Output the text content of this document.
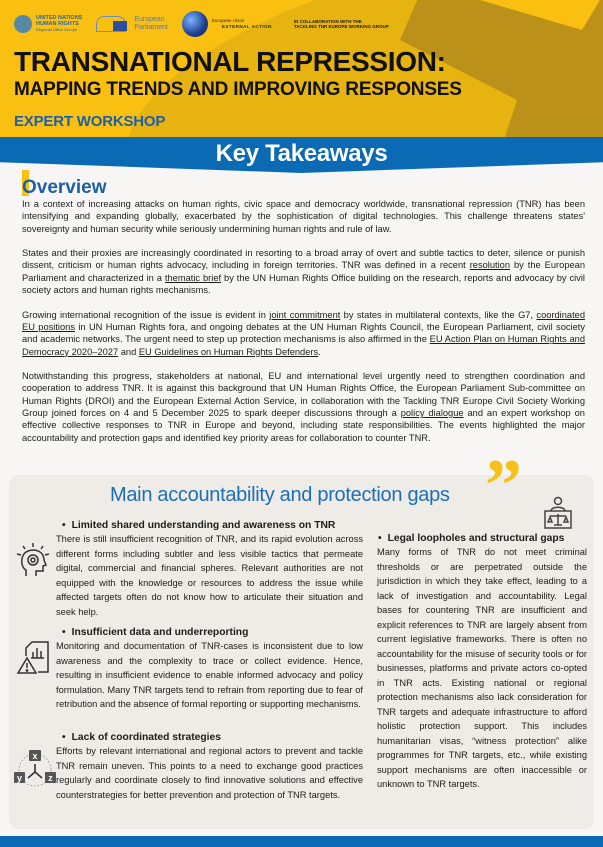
UNITED NATIONS
HUMAN RIGHTS
Regional Office Europe
European
Parliament
European Union
EXTERNAL ACTION
IN COLLABORATION WITH THE
TACKLING TNR EUROPE WORKING GROUP
TRANSNATIONAL REPRESSION:
MAPPING TRENDS AND IMPROVING RESPONSES
EXPERT WORKSHOP
Key Takeaways
Overview

In a context of increasing attacks on human rights, civic space and democracy worldwide, transnational repression (TNR) has been intensifying and expanding globally, exacerbated by the sophistication of digital technologies. This challenge threatens states' sovereignty and human security while seriously undermining human rights and rule of law.

States and their proxies are increasingly coordinated in resorting to a broad array of overt and subtle tactics to deter, silence or punish dissent, criticism or human rights advocacy, including in foreign territories. TNR was defined in a recent resolution by the European Parliament and characterized in a thematic brief by the UN Human Rights Office building on the research, reports and advocacy by civil society actors and human rights mechanisms.

Growing international recognition of the issue is evident in joint commitment by states in multilateral contexts, like the G7, coordinated EU positions in UN Human Rights fora, and ongoing debates at the UN Human Rights Council, the European Parliament, civil society and academic networks. The urgent need to step up protection mechanisms is also affirmed in the EU Action Plan on Human Rights and Democracy 2020–2027 and EU Guidelines on Human Rights Defenders.

Notwithstanding this progress, stakeholders at national, EU and international level urgently need to strengthen coordination and cooperation to address TNR. It is against this background that UN Human Rights Office, the European Parliament Sub-committee on Human Rights (DROI) and the European External Action Service, in collaboration with the Tackling TNR Europe Civil Society Working Group joined forces on 4 and 5 December 2025 to spark deeper discussions through a policy dialogue and an expert workshop on effective collective responses to TNR in Europe and beyond, including state responsibilities. The events highlighted the major accountability and protection gaps and identified key priority areas for collaboration to counter TNR.

Main accountability and protection gaps ”
• Limited shared understanding and awareness on TNR
There is still insufficient recognition of TNR, and its rapid evolution across different forms including subtler and less visible tactics that permeate digital, commercial and financial spheres. Relevant authorities are not equipped with the knowledge or resources to address the issue while affected targets often do not know how to articulate their situation and seek help.
• Insufficient data and underreporting
Monitoring and documentation of TNR-cases is inconsistent due to low awareness and the complexity to trace or collect evidence. Hence, resulting in insufficient evidence to enable informed advocacy and policy formulation. Many TNR targets tend to refrain from reporting due to fear of retribution and the absence of formal reporting or supporting mechanisms.
x
y	z
• Lack of coordinated strategies
Efforts by relevant international and regional actors to prevent and tackle TNR remain uneven. This points to a need to exchange good practices regularly and coordinate closely to find innovative solutions and effective counterstrategies for better prevention and protection of TNR targets.
• Legal loopholes and structural gaps
Many forms of TNR do not meet criminal thresholds or are perpetrated outside the jurisdiction in which they take effect, leading to a lack of investigation and accountability. Legal bases for countering TNR are insufficient and explicit references to TNR are largely absent from current legislative frameworks. There is often no accountability for the misuse of security tools or for businesses, platforms and private actors co-opted in TNR acts. Existing national or regional protection mechanisms also lack consideration for TNR targets and adequate infrastructure to afford holistic protection support. This includes humanitarian visas, “witness protection” alike programmes for TNR targets, etc., while existing support mechanisms are often inaccessible or unknown to TNR targets.
